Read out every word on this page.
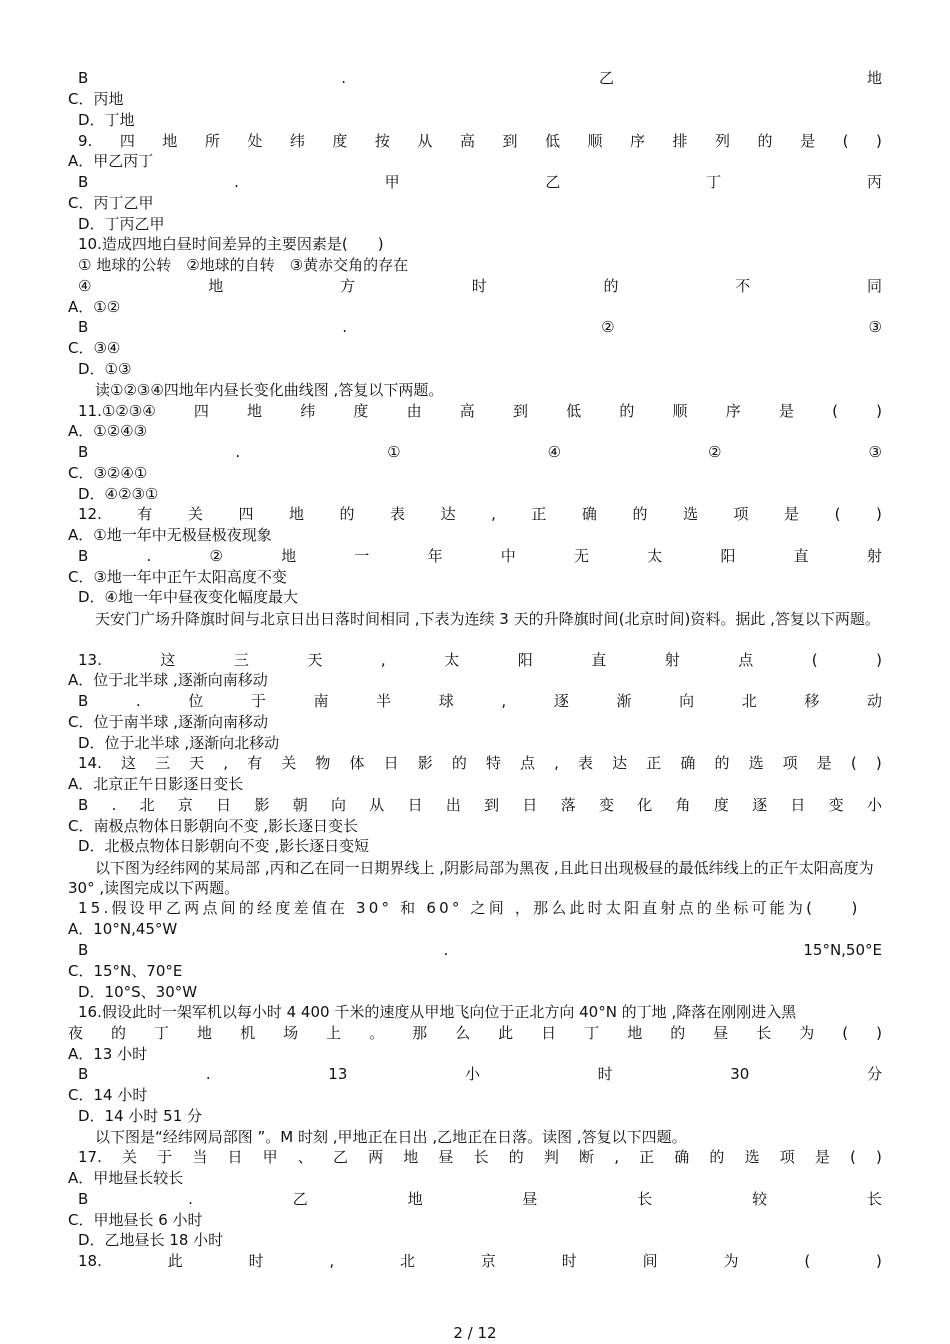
B	.	乙	地
C．丙地
D．丁地
9. 四 地 所 处 纬 度 按 从 高 到 低 顺 序 排 列 的 是 ( )
A．甲乙丙丁
B	.	甲	乙	丁	丙
C．丙丁乙甲
D．丁丙乙甲
10.造成四地白昼时间差异的主要因素是(　　)
① 地球的公转　②地球的自转　③黄赤交角的存在
④	地	方	时	的	不	同
A．①②
B	.	②	③
C．③④
D．①③
读①②③④四地年内昼长变化曲线图 ,答复以下两题。
11.①②③④	四	地	纬	度	由	高	到	低	的	顺	序	是	(	)
A．①②④③
B	.	①	④	②	③
C．③②④①
D．④②③①
12. 有 关 四 地 的 表 达 , 正 确 的 选 项 是 ( )
A．①地一年中无极昼极夜现象
B	.	②	地	一	年	中	无	太	阳	直	射
C．③地一年中正午太阳高度不变
D．④地一年中昼夜变化幅度最大
天安门广场升降旗时间与北京日出日落时间相同 ,下表为连续 3 天的升降旗时间(北京时间)资料。据此 ,答复以下两题。
13.	这	三	天	,	太	阳	直	射	点	(	)
A．位于北半球 ,逐渐向南移动
B	.	位	于	南	半	球	,	逐	渐	向	北	移	动
C．位于南半球 ,逐渐向南移动
D．位于北半球 ,逐渐向北移动
14. 这 三 天 , 有 关 物 体 日 影 的 特 点 , 表 达 正 确 的 选 项 是 ( )
A．北京正午日影逐日变长
B . 北 京 日 影 朝 向 从 日 出 到 日 落 变 化 角 度 逐 日 变 小
C．南极点物体日影朝向不变 ,影长逐日变长
D．北极点物体日影朝向不变 ,影长逐日变短
以下图为经纬网的某局部 ,丙和乙在同一日期界线上 ,阴影局部为黑夜 ,且此日出现极昼的最低纬线上的正午太阳高度为 30° ,读图完成以下两题。
15.假设甲乙两点间的经度差值在 30° 和 60° 之间 ，那么此时太阳直射点的坐标可能为(　　)
A．10°N,45°W
B	.	15°N,50°E
C．15°N、70°E
D．10°S、30°W
16.假设此时一架军机以每小时 4 400 千米的速度从甲地飞向位于正北方向 40°N 的丁地 ,降落在刚刚进入黑
夜 的 丁 地 机 场 上 。 那 么 此 日 丁 地 的 昼 长 为 ( )
A．13 小时
B	.	13	小	时	30	分
C．14 小时
D．14 小时 51 分
以下图是“经纬网局部图 ”。M 时刻 ,甲地正在日出 ,乙地正在日落。读图 ,答复以下四题。
17. 关 于 当 日 甲 、 乙 两 地 昼 长 的 判 断 , 正 确 的 选 项 是 ( )
A．甲地昼长较长
B	.	乙	地	昼	长	较	长
C．甲地昼长 6 小时
D．乙地昼长 18 小时
18.	此	时	,	北	京	时	间	为	(	)
2 / 12
